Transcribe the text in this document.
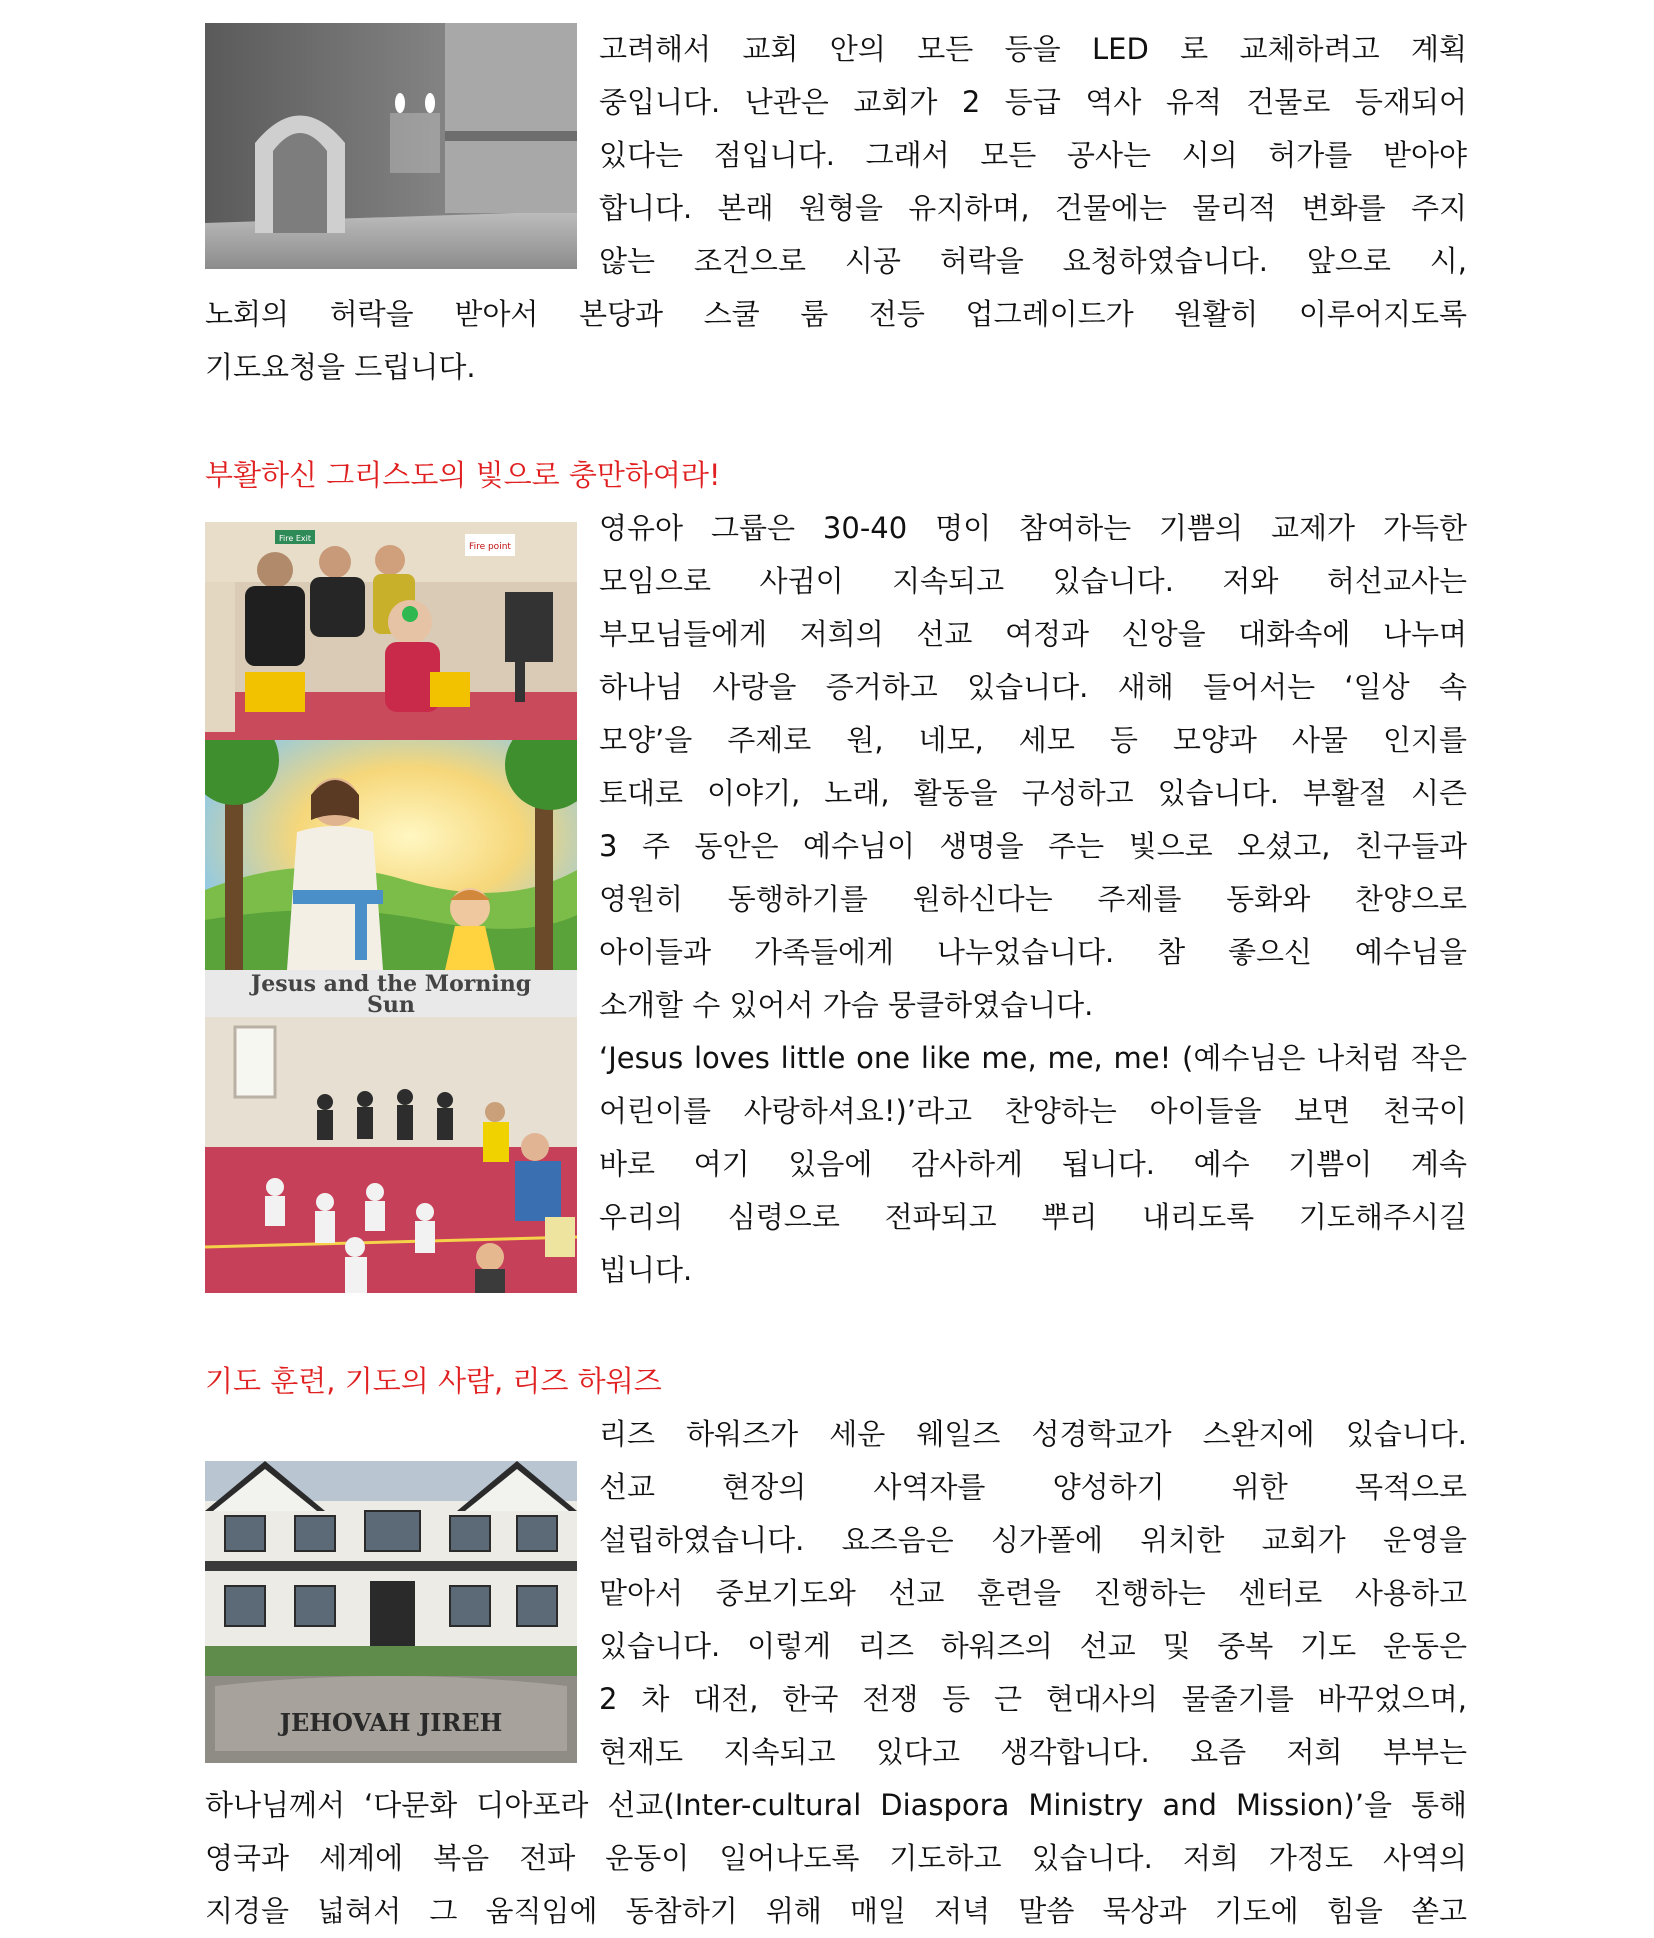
고려해서 교회 안의 모든 등을 LED 로 교체하려고 계획

중입니다. 난관은 교회가 2 등급 역사 유적 건물로 등재되어

있다는 점입니다. 그래서 모든 공사는 시의 허가를 받아야

합니다. 본래 원형을 유지하며, 건물에는 물리적 변화를 주지

않는 조건으로 시공 허락을 요청하였습니다. 앞으로 시,

노회의 허락을 받아서 본당과 스쿨 룸 전등 업그레이드가 원활히 이루어지도록

기도요청을 드립니다.

부활하신 그리스도의 빛으로 충만하여라!
Fire point
Fire Exit
Jesus and the Morning
Sun

영유아 그룹은 30-40 명이 참여하는 기쁨의 교제가 가득한

모임으로 사귐이 지속되고 있습니다. 저와 허선교사는

부모님들에게 저희의 선교 여정과 신앙을 대화속에 나누며

하나님 사랑을 증거하고 있습니다. 새해 들어서는 ‘일상 속

모양’을 주제로 원, 네모, 세모 등 모양과 사물 인지를

토대로 이야기, 노래, 활동을 구성하고 있습니다. 부활절 시즌

3 주 동안은 예수님이 생명을 주는 빛으로 오셨고, 친구들과

영원히 동행하기를 원하신다는 주제를 동화와 찬양으로

아이들과 가족들에게 나누었습니다. 참 좋으신 예수님을

소개할 수 있어서 가슴 뭉클하였습니다.

‘Jesus loves little one like me, me, me! (예수님은 나처럼 작은

어린이를 사랑하셔요!)’라고 찬양하는 아이들을 보면 천국이

바로 여기 있음에 감사하게 됩니다. 예수 기쁨이 계속

우리의 심령으로 전파되고 뿌리 내리도록 기도해주시길

빕니다.

기도 훈련, 기도의 사람, 리즈 하워즈
JEHOVAH JIREH

리즈 하워즈가 세운 웨일즈 성경학교가 스완지에 있습니다.

선교 현장의 사역자를 양성하기 위한 목적으로

설립하였습니다. 요즈음은 싱가폴에 위치한 교회가 운영을

맡아서 중보기도와 선교 훈련을 진행하는 센터로 사용하고

있습니다. 이렇게 리즈 하워즈의 선교 및 중복 기도 운동은

2 차 대전, 한국 전쟁 등 근 현대사의 물줄기를 바꾸었으며,

현재도 지속되고 있다고 생각합니다. 요즘 저희 부부는

하나님께서 ‘다문화 디아포라 선교(Inter-cultural Diaspora Ministry and Mission)’을 통해

영국과 세계에 복음 전파 운동이 일어나도록 기도하고 있습니다. 저희 가정도 사역의

지경을 넓혀서 그 움직임에 동참하기 위해 매일 저녁 말씀 묵상과 기도에 힘을 쏟고
